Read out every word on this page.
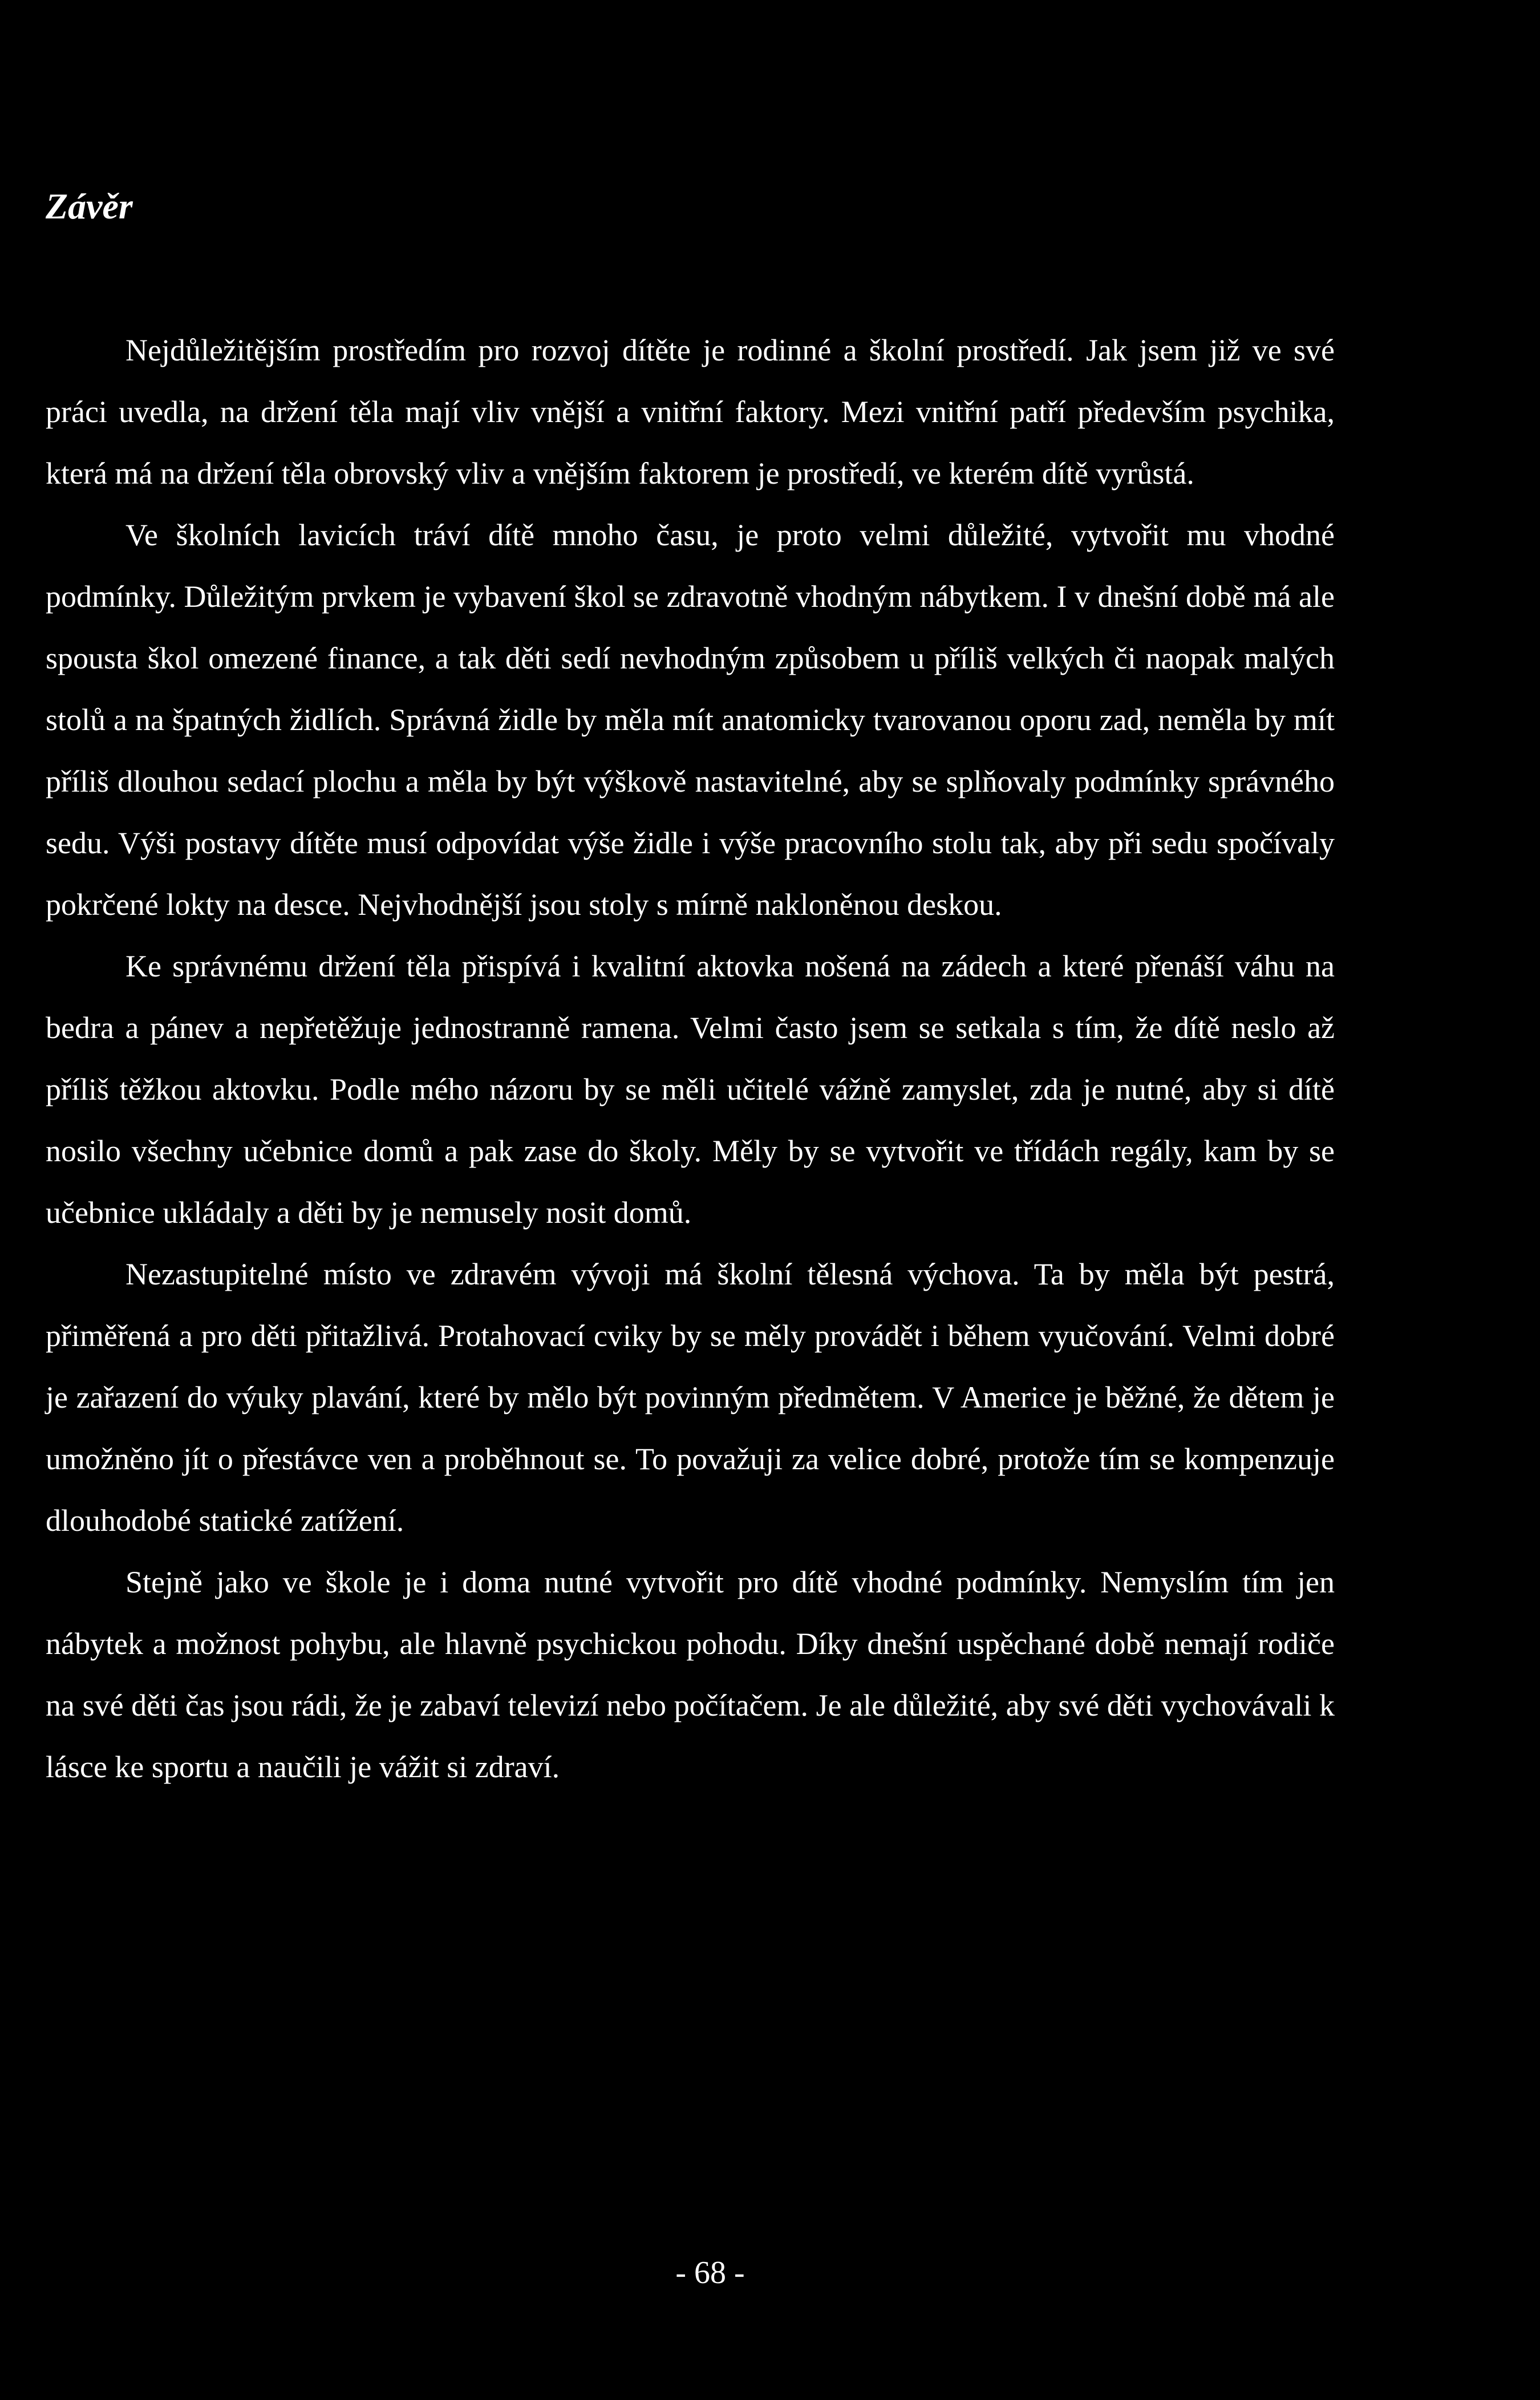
Závěr

Nejdůležitějším prostředím pro rozvoj dítěte je rodinné a školní prostředí. Jak jsem již ve své práci uvedla, na držení těla mají vliv vnější a vnitřní faktory. Mezi vnitřní patří především psychika, která má na držení těla obrovský vliv a vnějším faktorem je prostředí, ve kterém dítě vyrůstá.

Ve školních lavicích tráví dítě mnoho času, je proto velmi důležité, vytvořit mu vhodné podmínky. Důležitým prvkem je vybavení škol se zdravotně vhodným nábytkem. I v dnešní době má ale spousta škol omezené finance, a tak děti sedí nevhodným způsobem u příliš velkých či naopak malých stolů a na špatných židlích. Správná židle by měla mít anatomicky tvarovanou oporu zad, neměla by mít příliš dlouhou sedací plochu a měla by být výškově nastavitelné, aby se splňovaly podmínky správného sedu. Výši postavy dítěte musí odpovídat výše židle i výše pracovního stolu tak, aby při sedu spočívaly pokrčené lokty na desce. Nejvhodnější jsou stoly s mírně nakloněnou deskou.

Ke správnému držení těla přispívá i kvalitní aktovka nošená na zádech a které přenáší váhu na bedra a pánev a nepřetěžuje jednostranně ramena. Velmi často jsem se setkala s tím, že dítě neslo až příliš těžkou aktovku. Podle mého názoru by se měli učitelé vážně zamyslet, zda je nutné, aby si dítě nosilo všechny učebnice domů a pak zase do školy. Měly by se vytvořit ve třídách regály, kam by se učebnice ukládaly a děti by je nemusely nosit domů.

Nezastupitelné místo ve zdravém vývoji má školní tělesná výchova. Ta by měla být pestrá, přiměřená a pro děti přitažlivá. Protahovací cviky by se měly provádět i během vyučování. Velmi dobré je zařazení do výuky plavání, které by mělo být povinným předmětem. V Americe je běžné, že dětem je umožněno jít o přestávce ven a proběhnout se. To považuji za velice dobré, protože tím se kompenzuje dlouhodobé statické zatížení.

Stejně jako ve škole je i doma nutné vytvořit pro dítě vhodné podmínky. Nemyslím tím jen nábytek a možnost pohybu, ale hlavně psychickou pohodu. Díky dnešní uspěchané době nemají rodiče na své děti čas jsou rádi, že je zabaví televizí nebo počítačem. Je ale důležité, aby své děti vychovávali k lásce ke sportu a naučili je vážit si zdraví.

- 68 -
